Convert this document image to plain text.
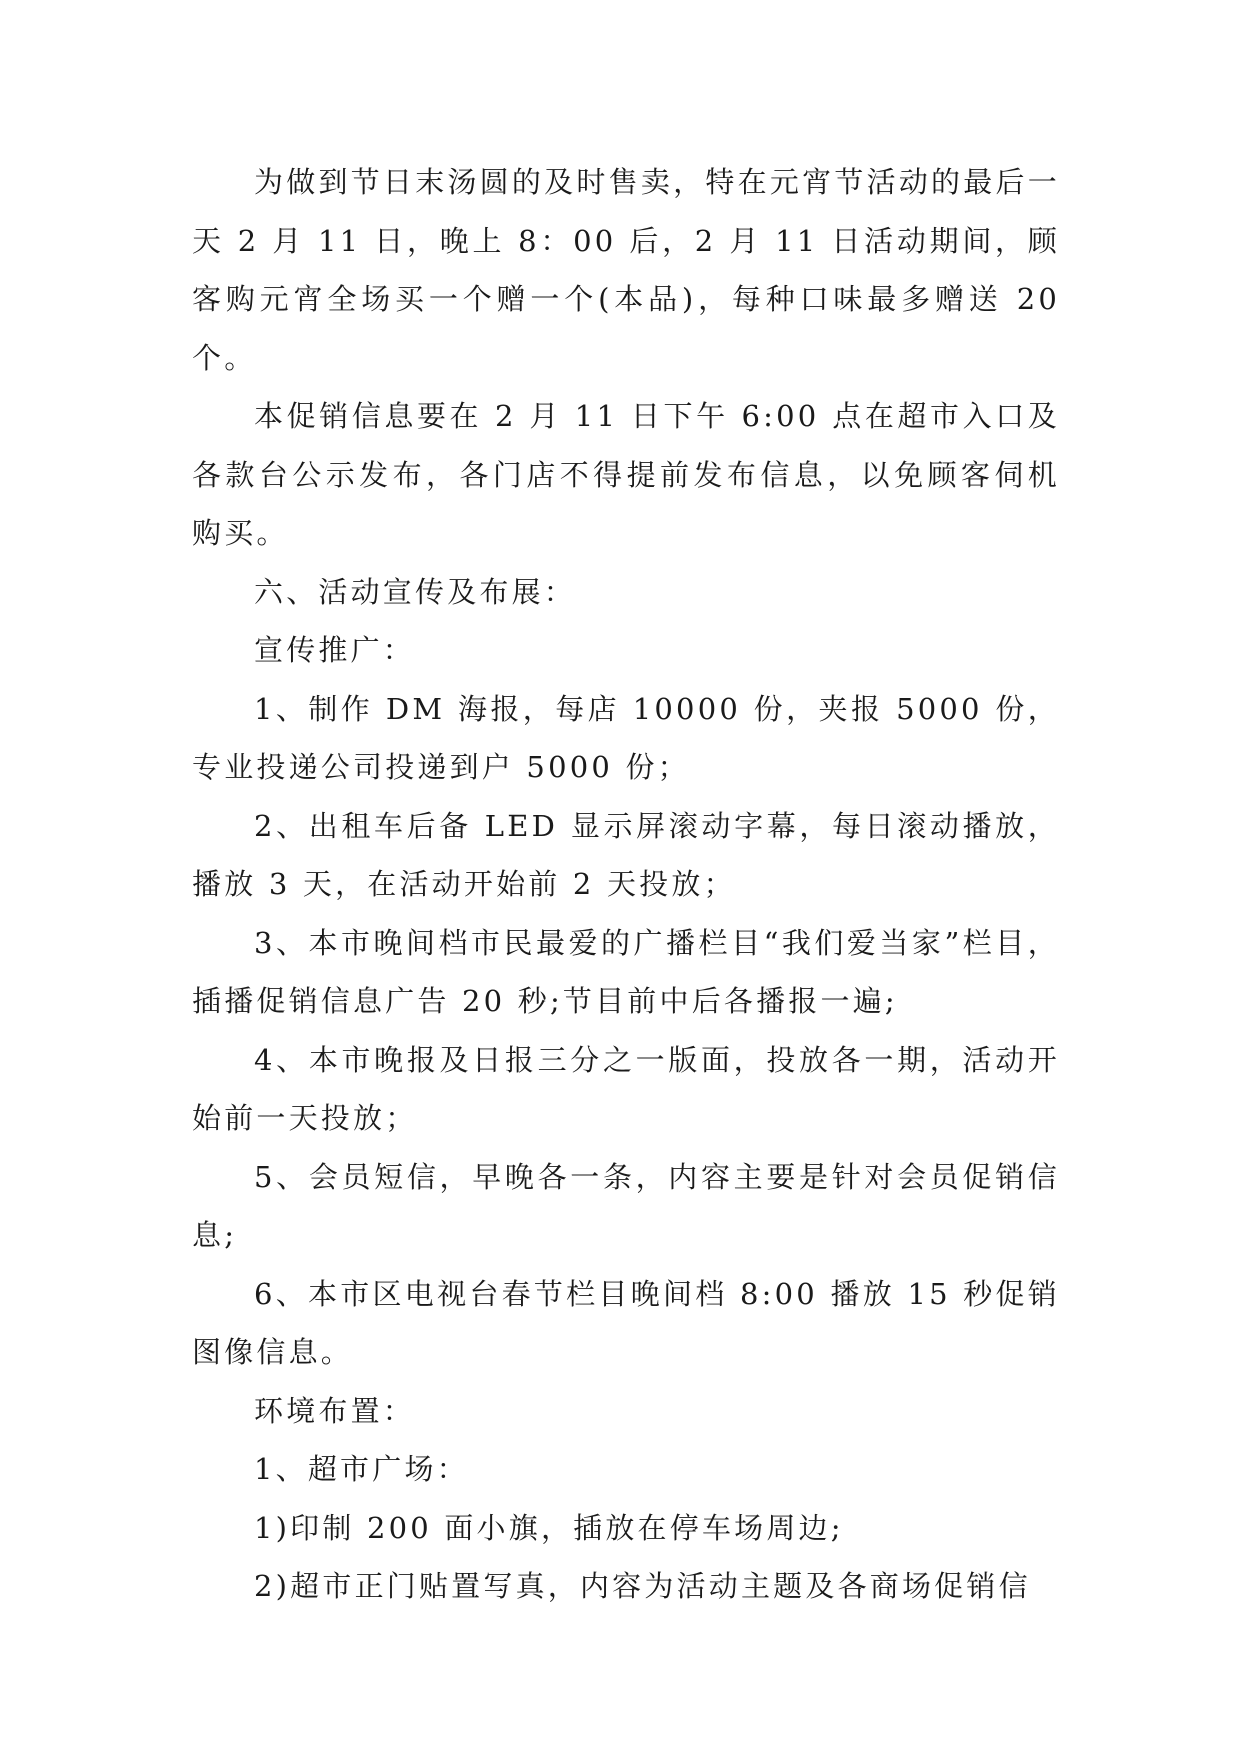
为做到节日末汤圆的及时售卖，特在元宵节活动的最后一天 2 月 11 日，晚上 8：00 后，2 月 11 日活动期间，顾客购元宵全场买一个赠一个(本品)，每种口味最多赠送 20 个。

本促销信息要在 2 月 11 日下午 6:00 点在超市入口及各款台公示发布，各门店不得提前发布信息，以免顾客伺机购买。

六、活动宣传及布展：

宣传推广：

1、制作 DM 海报，每店 10000 份，夹报 5000 份，专业投递公司投递到户 5000 份；

2、出租车后备 LED 显示屏滚动字幕，每日滚动播放，播放 3 天，在活动开始前 2 天投放；

3、本市晚间档市民最爱的广播栏目“我们爱当家”栏目，插播促销信息广告 20 秒;节目前中后各播报一遍;

4、本市晚报及日报三分之一版面，投放各一期，活动开始前一天投放；

5、会员短信，早晚各一条，内容主要是针对会员促销信息;

6、本市区电视台春节栏目晚间档 8:00 播放 15 秒促销图像信息。

环境布置：

1、超市广场：

1)印制 200 面小旗，插放在停车场周边;

2)超市正门贴置写真，内容为活动主题及各商场促销信
